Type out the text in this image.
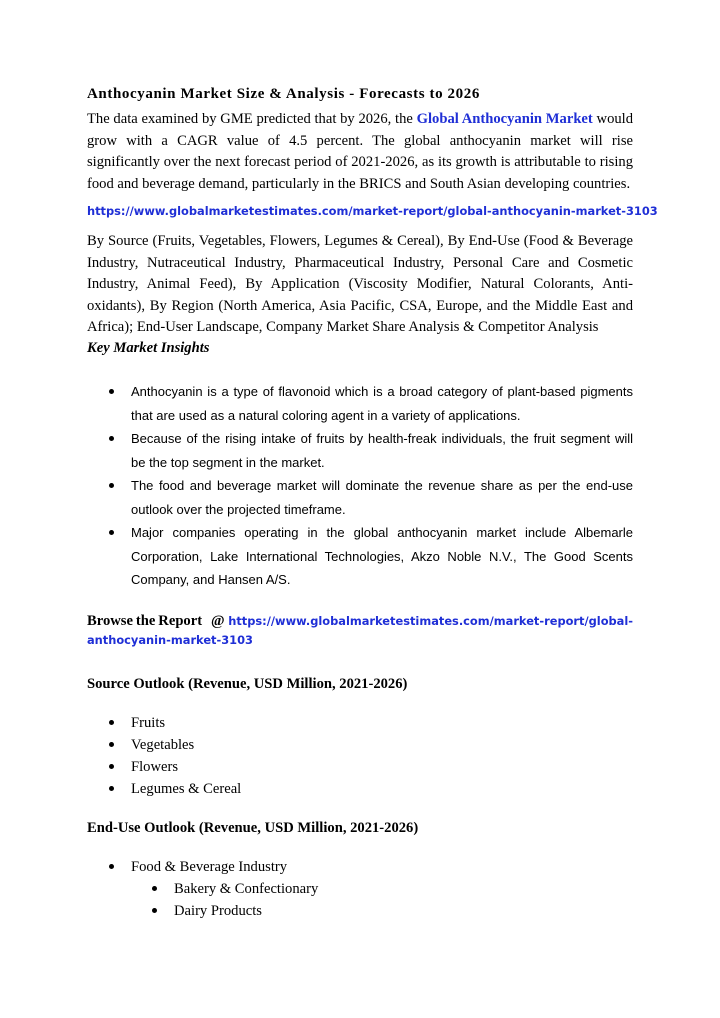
Anthocyanin Market Size & Analysis - Forecasts to 2026

The data examined by GME predicted that by 2026, the Global Anthocyanin Market would grow with a CAGR value of 4.5 percent. The global anthocyanin market will rise significantly over the next forecast period of 2021-2026, as its growth is attributable to rising food and beverage demand, particularly in the BRICS and South Asian developing countries.

https://www.globalmarketestimates.com/market-report/global-anthocyanin-market-3103

By Source (Fruits, Vegetables, Flowers, Legumes & Cereal), By End-Use (Food & Beverage Industry, Nutraceutical Industry, Pharmaceutical Industry, Personal Care and Cosmetic Industry, Animal Feed), By Application (Viscosity Modifier, Natural Colorants, Anti-oxidants), By Region (North America, Asia Pacific, CSA, Europe, and the Middle East and Africa); End-User Landscape, Company Market Share Analysis & Competitor Analysis

Key Market Insights
Anthocyanin is a type of flavonoid which is a broad category of plant-based pigments that are used as a natural coloring agent in a variety of applications.
Because of the rising intake of fruits by health-freak individuals, the fruit segment will be the top segment in the market.
The food and beverage market will dominate the revenue share as per the end-use outlook over the projected timeframe.
Major companies operating in the global anthocyanin market include Albemarle Corporation, Lake International Technologies, Akzo Noble N.V., The Good Scents Company, and Hansen A/S.
Browse the Report @ https://www.globalmarketestimates.com/market-report/global-
anthocyanin-market-3103
Source Outlook (Revenue, USD Million, 2021-2026)
Fruits
Vegetables
Flowers
Legumes & Cereal
End-Use Outlook (Revenue, USD Million, 2021-2026)
Food & Beverage Industry
Bakery & Confectionary
Dairy Products
